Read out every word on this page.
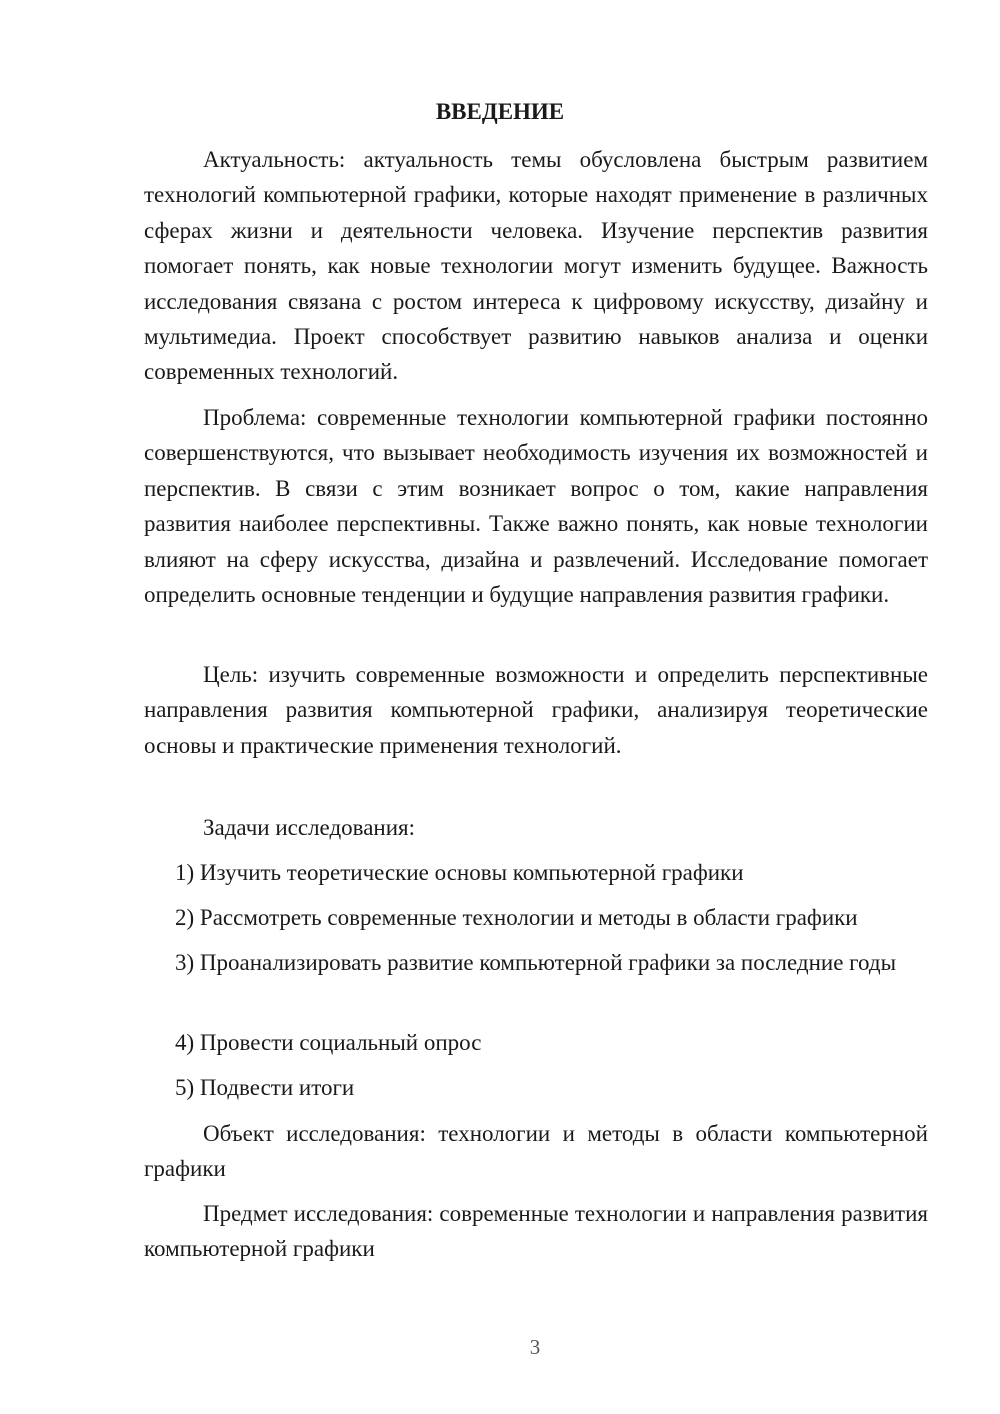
ВВЕДЕНИЕ

Актуальность: актуальность темы обусловлена быстрым развитием технологий компьютерной графики, которые находят применение в различных сферах жизни и деятельности человека. Изучение перспектив развития помогает понять, как новые технологии могут изменить будущее. Важность исследования связана с ростом интереса к цифровому искусству, дизайну и мультимедиа. Проект способствует развитию навыков анализа и оценки современных технологий.

Проблема: современные технологии компьютерной графики постоянно совершенствуются, что вызывает необходимость изучения их возможностей и перспектив. В связи с этим возникает вопрос о том, какие направления развития наиболее перспективны. Также важно понять, как новые технологии влияют на сферу искусства, дизайна и развлечений. Исследование помогает определить основные тенденции и будущие направления развития графики.

Цель: изучить современные возможности и определить перспективные направления развития компьютерной графики, анализируя теоретические основы и практические применения технологий.

Задачи исследования:

1) Изучить теоретические основы компьютерной графики

2) Рассмотреть современные технологии и методы в области графики

3) Проанализировать развитие компьютерной графики за последние годы

4) Провести социальный опрос

5) Подвести итоги

Объект исследования: технологии и методы в области компьютерной графики

Предмет исследования: современные технологии и направления развития компьютерной графики

3
